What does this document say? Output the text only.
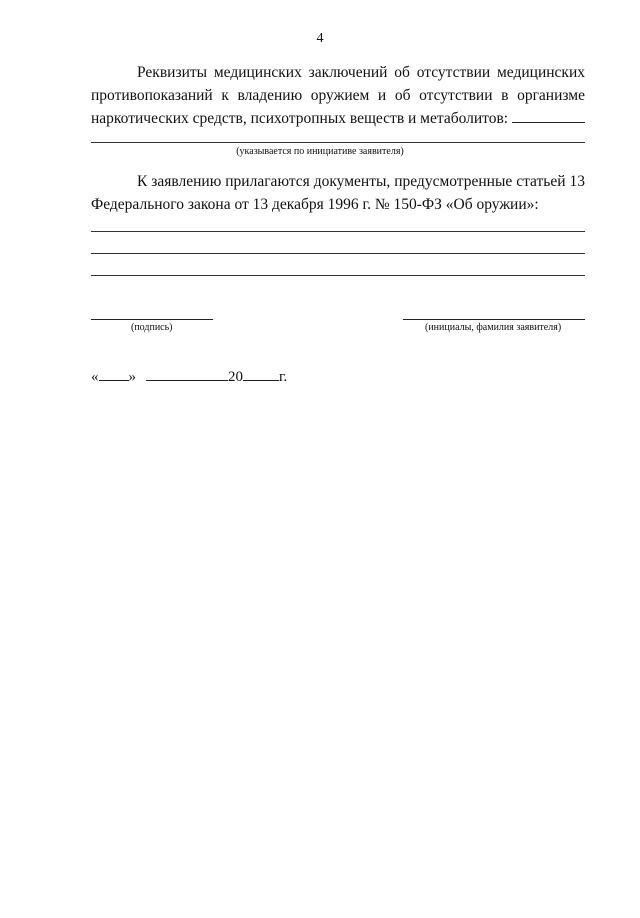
4
Реквизиты медицинских заключений об отсутствии медицинских
противопоказаний к владению оружием и об отсутствии в организме
наркотических средств, психотропных веществ и метаболитов:
(указывается по инициативе заявителя)
К заявлению прилагаются документы, предусмотренные статьей 13
Федерального закона от 13 декабря 1996 г. № 150-ФЗ «Об оружии»:
(подпись)	(инициалы, фамилия заявителя)
« »	20 г.
